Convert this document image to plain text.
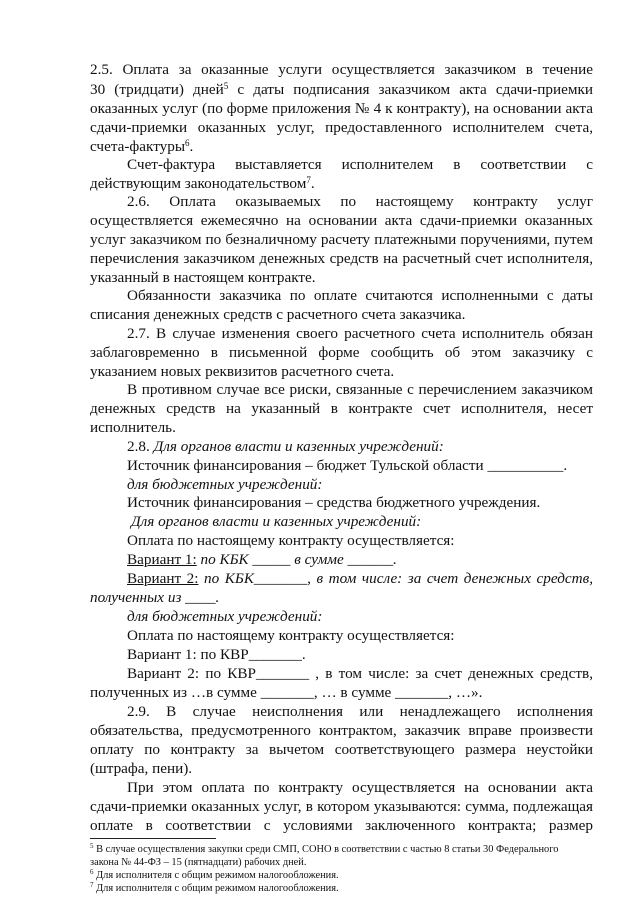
2.5. Оплата за оказанные услуги осуществляется заказчиком в течение
30 (тридцати) дней$^5$ с даты подписания заказчиком акта сдачи-приемки
оказанных услуг (по форме приложения № 4 к контракту), на основании акта
сдачи-приемки оказанных услуг, предоставленного исполнителем счета,
счета-фактуры$^6$.
Счет-фактура выставляется исполнителем в соответствии с
действующим законодательством$^7$.
2.6. Оплата оказываемых по настоящему контракту услуг
осуществляется ежемесячно на основании акта сдачи-приемки оказанных
услуг заказчиком по безналичному расчету платежными поручениями, путем
перечисления заказчиком денежных средств на расчетный счет исполнителя,
указанный в настоящем контракте.
Обязанности заказчика по оплате считаются исполненными с даты
списания денежных средств с расчетного счета заказчика.
2.7. В случае изменения своего расчетного счета исполнитель обязан
заблаговременно в письменной форме сообщить об этом заказчику с
указанием новых реквизитов расчетного счета.
В противном случае все риски, связанные с перечислением заказчиком
денежных средств на указанный в контракте счет исполнителя, несет
исполнитель.
2.8. Для органов власти и казенных учреждений:
Источник финансирования – бюджет Тульской области __________.
для бюджетных учреждений:
Источник финансирования – средства бюджетного учреждения.
Для органов власти и казенных учреждений:
Оплата по настоящему контракту осуществляется:
Вариант 1: по КБК _____ в сумме ______.
Вариант 2: по КБК_______, в том числе: за счет денежных средств,
полученных из ____.
для бюджетных учреждений:
Оплата по настоящему контракту осуществляется:
Вариант 1: по КВР_______.
Вариант 2: по КВР_______ , в том числе: за счет денежных средств,
полученных из …в сумме _______, … в сумме _______, …».
2.9. В случае неисполнения или ненадлежащего исполнения
обязательства, предусмотренного контрактом, заказчик вправе произвести
оплату по контракту за вычетом соответствующего размера неустойки
(штрафа, пени).
При этом оплата по контракту осуществляется на основании акта
сдачи-приемки оказанных услуг, в котором указываются: сумма, подлежащая
оплате в соответствии с условиями заключенного контракта; размер
$^5$ В случае осуществления закупки среди СМП, СОНО в соответствии с частью 8 статьи 30 Федерального
закона № 44-ФЗ – 15 (пятнадцати) рабочих дней.
$^6$ Для исполнителя с общим режимом налогообложения.
$^7$ Для исполнителя с общим режимом налогообложения.
